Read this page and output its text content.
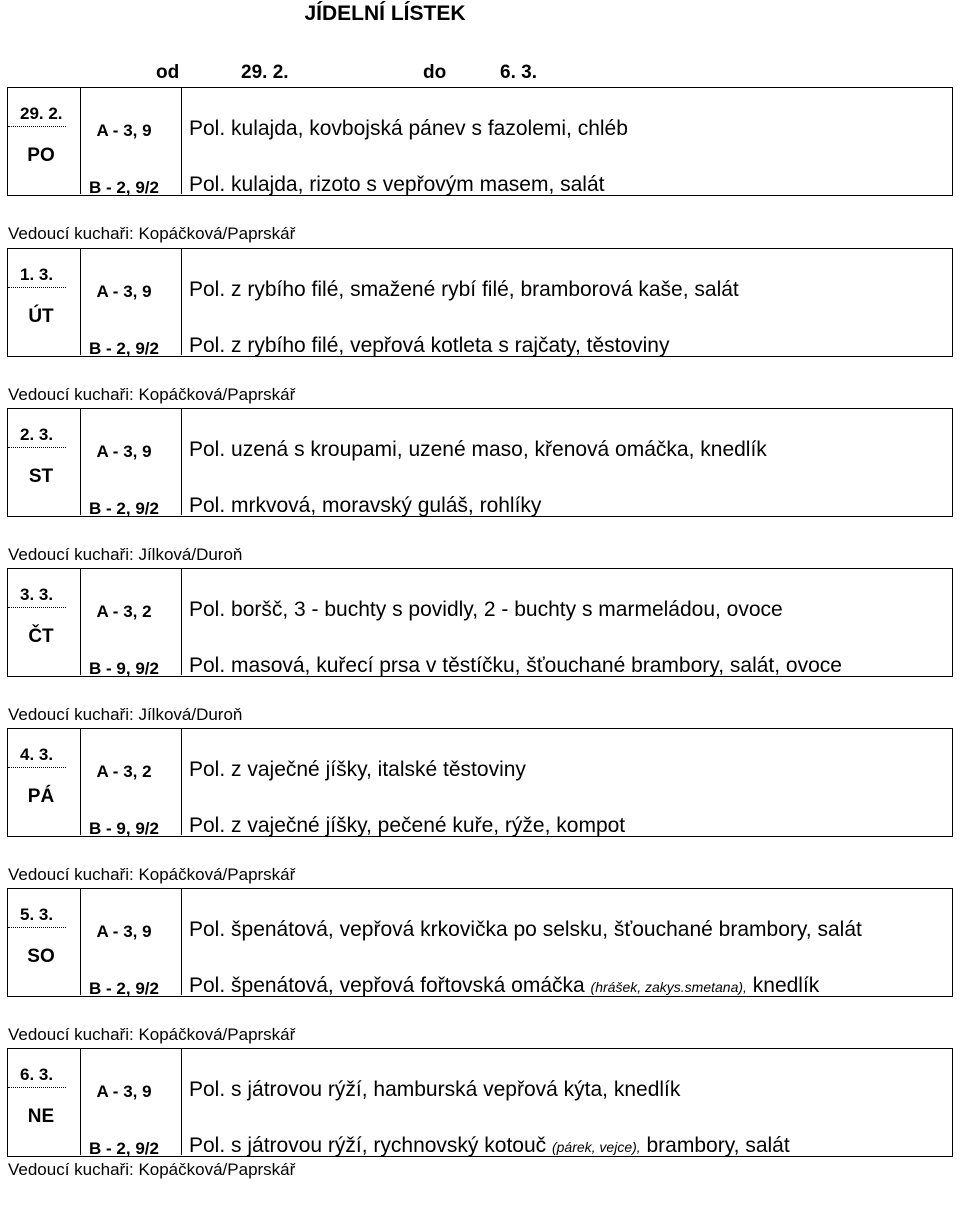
JÍDELNÍ LÍSTEK
od	29. 2.	do	6. 3.
29. 2.
PO
A - 3, 9	Pol. kulajda, kovbojská pánev s fazolemi, chléb
B - 2, 9/2	Pol. kulajda, rizoto s vepřovým masem, salát
Vedoucí kuchaři: Kopáčková/Paprskář
1. 3.
ÚT
A - 3, 9	Pol. z rybího filé, smažené rybí filé, bramborová kaše, salát
B - 2, 9/2	Pol. z rybího filé, vepřová kotleta s rajčaty, těstoviny
Vedoucí kuchaři: Kopáčková/Paprskář
2. 3.
ST
A - 3, 9	Pol. uzená s kroupami, uzené maso, křenová omáčka, knedlík
B - 2, 9/2	Pol. mrkvová, moravský guláš, rohlíky
Vedoucí kuchaři: Jílková/Duroň
3. 3.
ČT
A - 3, 2	Pol. boršč, 3 - buchty s povidly, 2 - buchty s marmeládou, ovoce
B - 9, 9/2	Pol. masová, kuřecí prsa v těstíčku, šťouchané brambory, salát, ovoce
Vedoucí kuchaři: Jílková/Duroň
4. 3.
PÁ
A - 3, 2	Pol. z vaječné jíšky, italské těstoviny
B - 9, 9/2	Pol. z vaječné jíšky, pečené kuře, rýže, kompot
Vedoucí kuchaři: Kopáčková/Paprskář
5. 3.
SO
A - 3, 9	Pol. špenátová, vepřová krkovička po selsku, šťouchané brambory, salát
B - 2, 9/2	Pol. špenátová, vepřová fořtovská omáčka (hrášek, zakys.smetana), knedlík
Vedoucí kuchaři: Kopáčková/Paprskář
6. 3.
NE
A - 3, 9	Pol. s játrovou rýží, hamburská vepřová kýta, knedlík
B - 2, 9/2	Pol. s játrovou rýží, rychnovský kotouč (párek, vejce), brambory, salát
Vedoucí kuchaři: Kopáčková/Paprskář
